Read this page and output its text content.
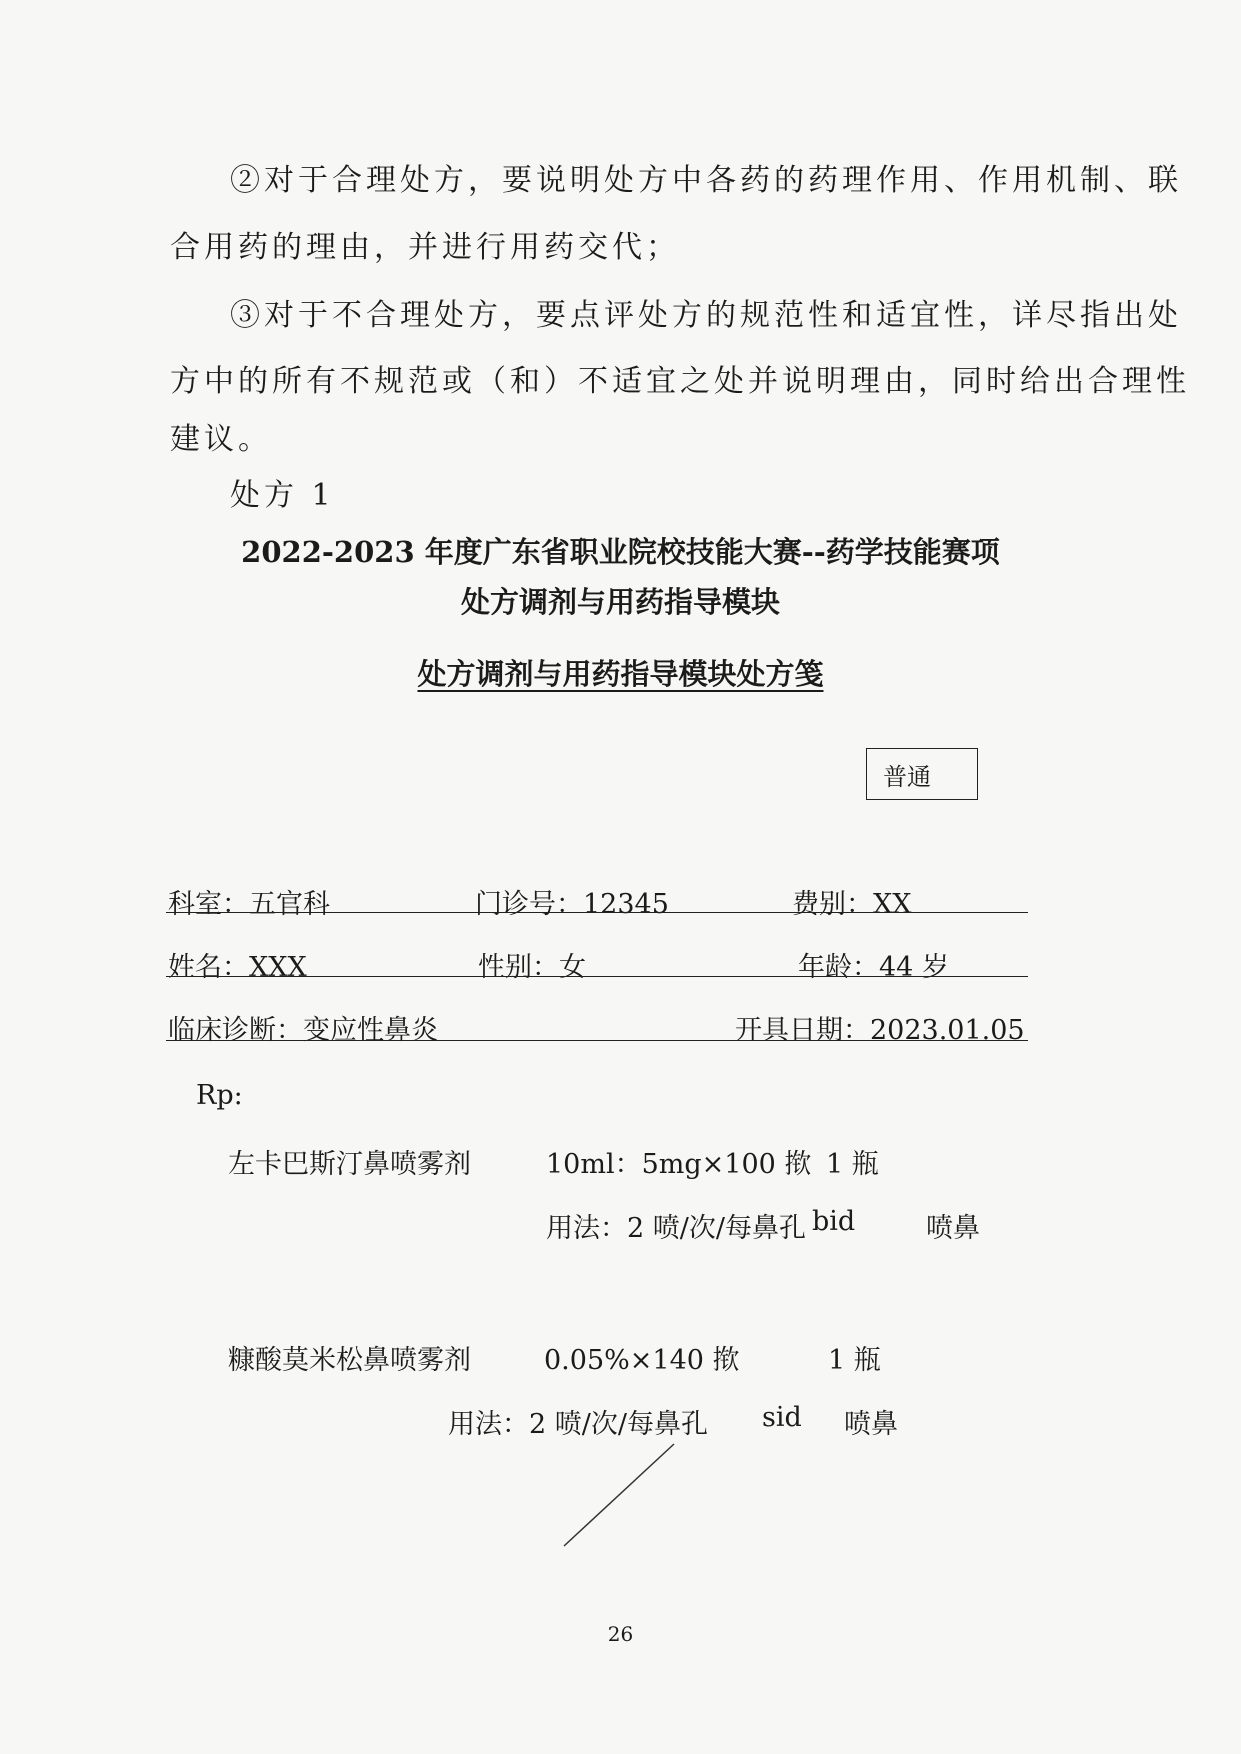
②对于合理处方，要说明处方中各药的药理作用、作用机制、联
合用药的理由，并进行用药交代；
③对于不合理处方，要点评处方的规范性和适宜性，详尽指出处
方中的所有不规范或（和）不适宜之处并说明理由，同时给出合理性
建议。
处方 1
2022-2023 年度广东省职业院校技能大赛--药学技能赛项
处方调剂与用药指导模块
处方调剂与用药指导模块处方笺
普通
科室：五官科	门诊号：12345	费别：XX
姓名：XXX	性别：女	年龄：44 岁
临床诊断：变应性鼻炎	开具日期：2023.01.05
Rp:
左卡巴斯汀鼻喷雾剂	10ml：5mg×100 揿 1 瓶
用法：2 喷/次/每鼻孔 bid	喷鼻
糠酸莫米松鼻喷雾剂	0.05%×140 揿	1 瓶
用法：2 喷/次/每鼻孔 sid 喷鼻
26
